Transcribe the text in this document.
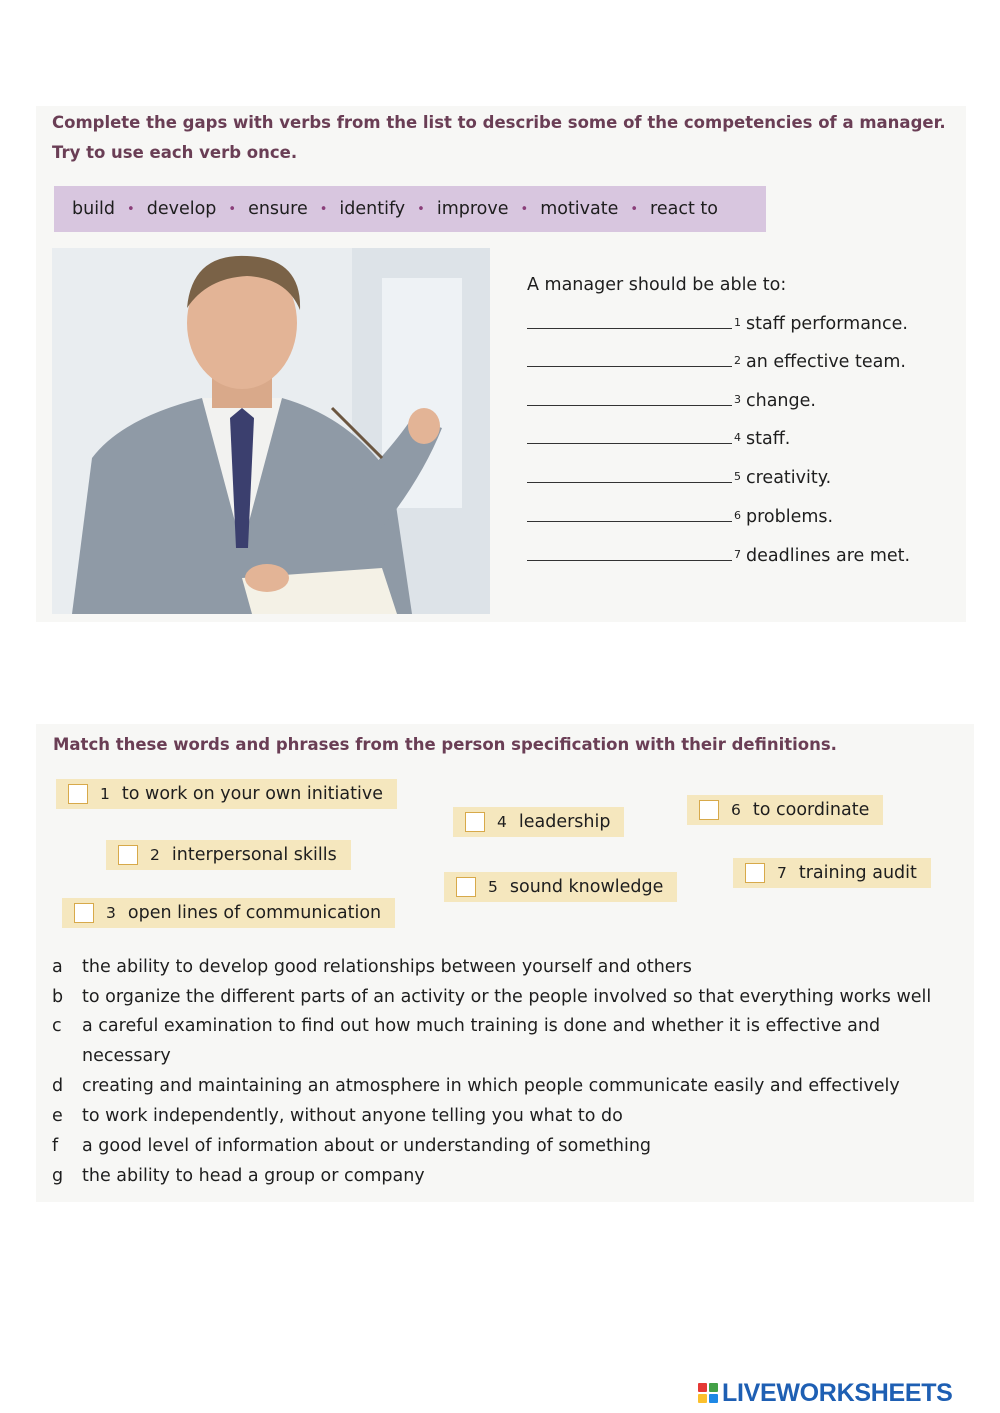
Complete the gaps with verbs from the list to describe some of the competencies of a manager.
Try to use each verb once.
build • develop • ensure • identify • improve • motivate • react to
A manager should be able to:
$^1$ staff performance.
$^2$ an effective team.
$^3$ change.
$^4$ staff.
$^5$ creativity.
$^6$ problems.
$^7$ deadlines are met.
Match these words and phrases from the person specification with their definitions.
1 to work on your own initiative
2 interpersonal skills
3 open lines of communication
4 leadership
5 sound knowledge
6 to coordinate
7 training audit
a	the ability to develop good relationships between yourself and others
b	to organize the different parts of an activity or the people involved so that everything works well
c	a careful examination to find out how much training is done and whether it is effective and necessary
d	creating and maintaining an atmosphere in which people communicate easily and effectively
e	to work independently, without anyone telling you what to do
f	a good level of information about or understanding of something
g	the ability to head a group or company
LIVEWORKSHEETS
